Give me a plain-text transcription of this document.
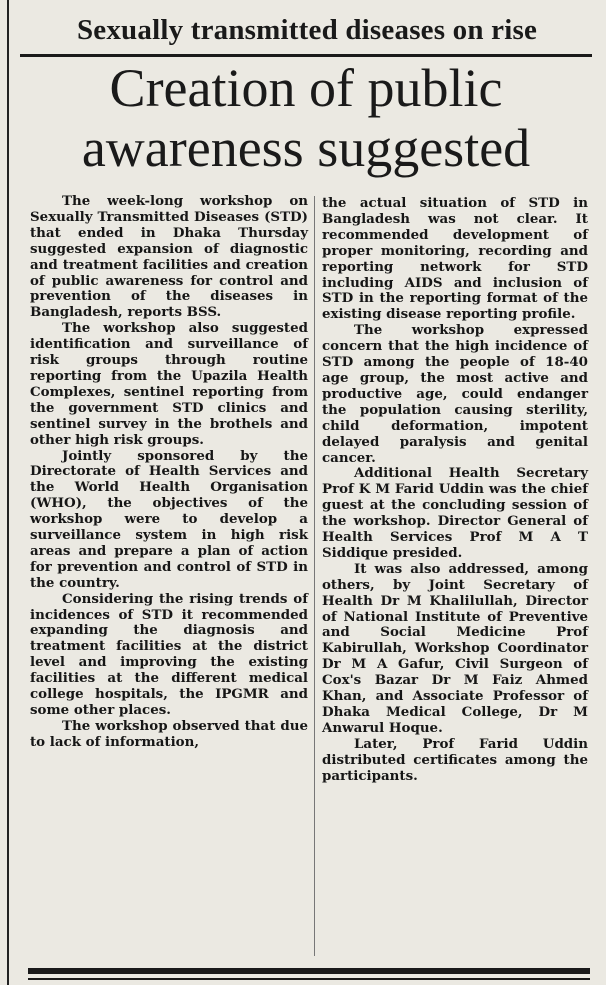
Sexually transmitted diseases on rise
Creation of public
awareness suggested

The week-long workshop on Sexually Transmitted Diseases (STD) that ended in Dhaka Thursday suggested expansion of diagnostic and treatment facilities and creation of public awareness for control and prevention of the diseases in Bangladesh, reports BSS.

The workshop also suggested identification and surveillance of risk groups through routine reporting from the Upazila Health Complexes, sentinel reporting from the government STD clinics and sentinel survey in the brothels and other high risk groups.

Jointly sponsored by the Directorate of Health Services and the World Health Organisation (WHO), the objectives of the workshop were to develop a surveillance system in high risk areas and prepare a plan of action for prevention and control of STD in the country.

Considering the rising trends of incidences of STD it recommended expanding the diagnosis and treatment facilities at the district level and improving the existing facilities at the different medical college hospitals, the IPGMR and some other places.

The workshop observed that due to lack of information,

the actual situation of STD in Bangladesh was not clear. It recommended development of proper monitoring, recording and reporting network for STD including AIDS and inclusion of STD in the reporting format of the existing disease reporting profile.

The workshop expressed concern that the high incidence of STD among the people of 18-40 age group, the most active and productive age, could endanger the population causing sterility, child deformation, impotent delayed paralysis and genital cancer.

Additional Health Secretary Prof K M Farid Uddin was the chief guest at the concluding session of the workshop. Director General of Health Services Prof M A T Siddique presided.

It was also addressed, among others, by Joint Secretary of Health Dr M Khalilullah, Director of National Institute of Preventive and Social Medicine Prof Kabirullah, Workshop Coordinator Dr M A Gafur, Civil Surgeon of Cox's Bazar Dr M Faiz Ahmed Khan, and Associate Professor of Dhaka Medical College, Dr M Anwarul Hoque.

Later, Prof Farid Uddin distributed certificates among the participants.
